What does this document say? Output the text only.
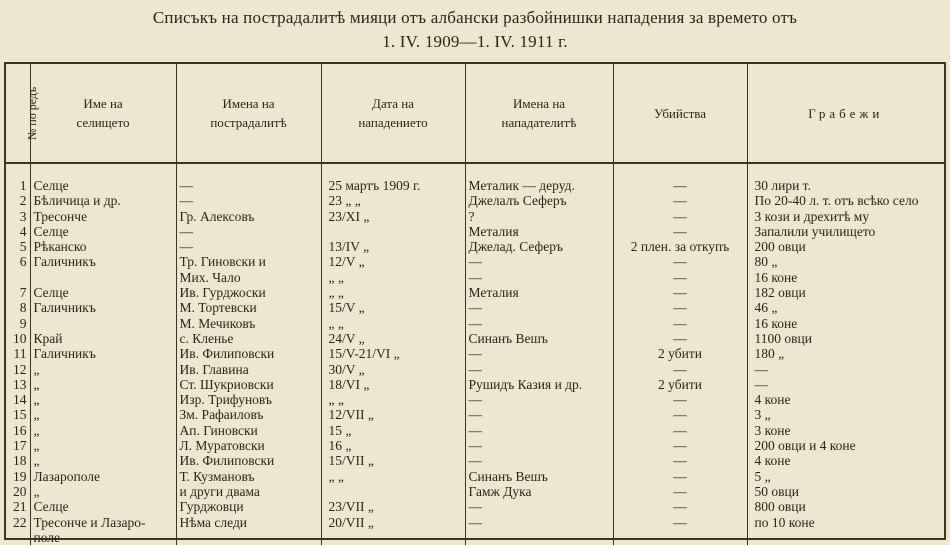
Списъкъ на пострадалитѣ мияци отъ албански разбойнишки нападения за времето отъ
1. IV. 1909—1. IV. 1911 г.
№ по редъ	Име на селището	Имена на пострадалитѣ	Дата на нападението	Имена на нападателитѣ	Убийства	Грабежи
1	Селце	—	25 мартъ 1909 г.	Металик — деруд.	—	30 лири т.
2	Бѣличица и др.	—	23 „ „	Джелалъ Сеферъ	—	По 20-40 л. т. отъ всѣко село
3	Тресонче	Гр. Алексовъ	23/XI „	?	—	3 кози и дрехитѣ му
4	Селце	—		Металия	—	Запалили училището
5	Рѣканско	—	13/IV „	Джелад. Сеферъ	2 плен. за откупъ	200 овци
6	Галичникъ	Тр. Гиновски и	12/V „	—	—	80 „
		Мих. Чало	„ „	—	—	16 коне
7	Селце	Ив. Гурджоски	„ „	Металия	—	182 овци
8	Галичникъ	М. Тортевски	15/V „	—	—	46 „
9		М. Мечиковъ	„ „	—	—	16 коне
10	Край	с. Кленье	24/V „	Синанъ Вешъ	—	1100 овци
11	Галичникъ	Ив. Филиповски	15/V-21/VI „	—	2 убити	180 „
12	„	Ив. Главина	30/V „	—	—	—
13	„	Ст. Шукриовски	18/VI „	Рушидъ Казия и др.	2 убити	—
14	„	Изр. Трифуновъ	„ „	—	—	4 коне
15	„	Зм. Рафаиловъ	12/VII „	—	—	3 „
16	„	Ап. Гиновски	15 „	—	—	3 коне
17	„	Л. Муратовски	16 „	—	—	200 овци и 4 коне
18	„	Ив. Филиповски	15/VII „	—	—	4 коне
19	Лазарополе	Т. Кузмановъ	„ „	Синанъ Вешъ	—	5 „
20	„	и други двама		Гамж Дука	—	50 овци
21	Селце	Гурджовци	23/VII „	—	—	800 овци
22	Тресонче и Лазаро-	Нѣма следи	20/VII „	—	—	по 10 коне
	поле					
